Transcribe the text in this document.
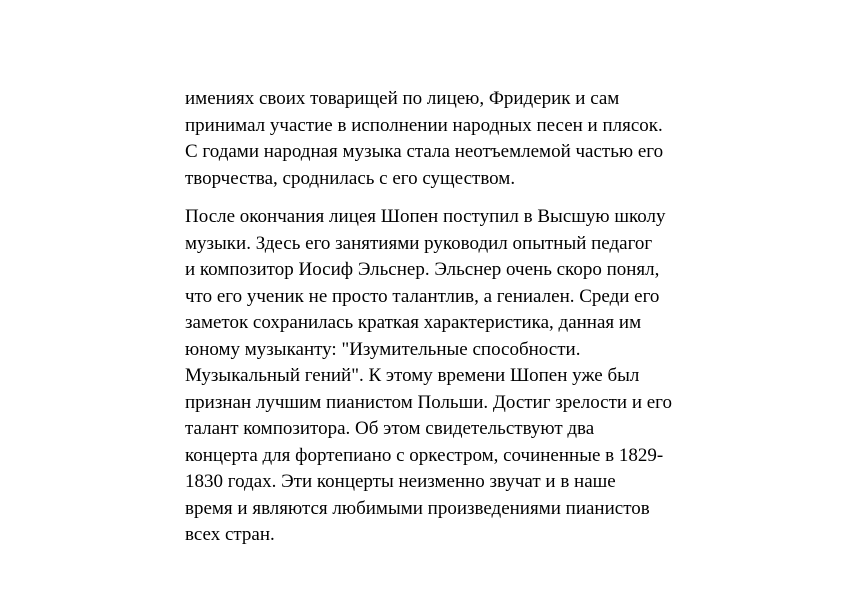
имениях своих товарищей по лицею, Фридерик и сам
принимал участие в исполнении народных песен и плясок.
С годами народная музыка стала неотъемлемой частью его
творчества, сроднилась с его существом.

После окончания лицея Шопен поступил в Высшую школу
музыки. Здесь его занятиями руководил опытный педагог
и композитор Иосиф Эльснер. Эльснер очень скоро понял,
что его ученик не просто талантлив, а гениален. Среди его
заметок сохранилась краткая характеристика, данная им
юному музыканту: "Изумительные способности.
Музыкальный гений". К этому времени Шопен уже был
признан лучшим пианистом Польши. Достиг зрелости и его
талант композитора. Об этом свидетельствуют два
концерта для фортепиано с оркестром, сочиненные в 1829-
1830 годах. Эти концерты неизменно звучат и в наше
время и являются любимыми произведениями пианистов
всех стран.
